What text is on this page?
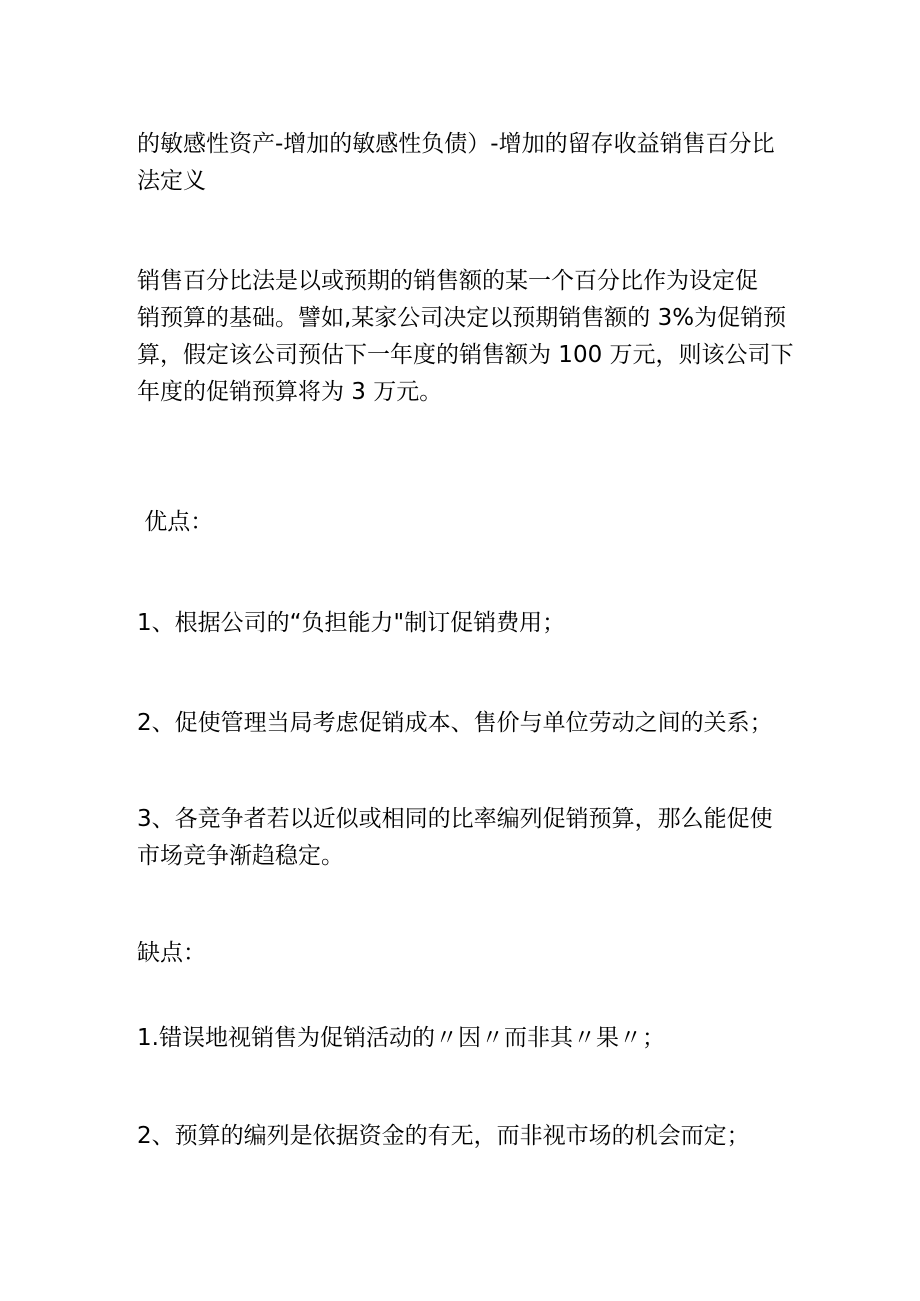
的敏感性资产-增加的敏感性负债）-增加的留存收益销售百分比
法定义

销售百分比法是以或预期的销售额的某一个百分比作为设定促
销预算的基础。譬如,某家公司决定以预期销售额的 3%为促销预
算，假定该公司预估下一年度的销售额为 100 万元，则该公司下
年度的促销预算将为 3 万元。

优点：

1、根据公司的“负担能力"制订促销费用；

2、促使管理当局考虑促销成本、售价与单位劳动之间的关系；

3、各竞争者若以近似或相同的比率编列促销预算，那么能促使
市场竞争渐趋稳定。

缺点：

1.错误地视销售为促销活动的〃因〃而非其〃果〃；

2、预算的编列是依据资金的有无，而非视市场的机会而定；
